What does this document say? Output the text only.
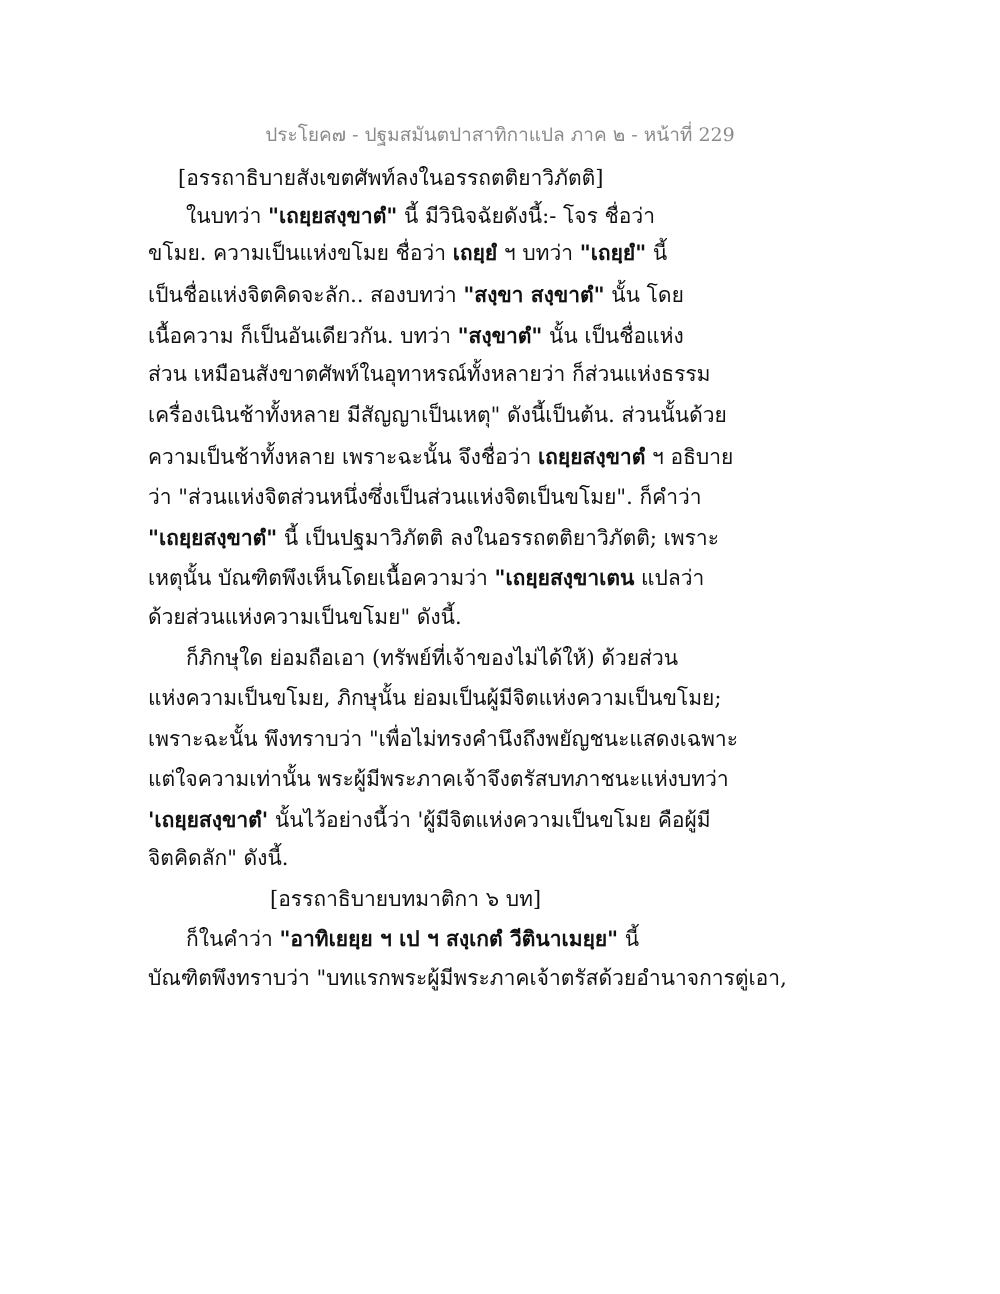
ประโยค๗ - ปฐมสมันตปาสาทิกาแปล ภาค ๒ - หน้าที่ 229
[อรรถาธิบายสังเขตศัพท์ลงในอรรถตติยาวิภัตติ]
ในบทว่า "เถยฺยสงฺขาตํ" นี้ มีวินิจฉัยดังนี้:- โจร ชื่อว่า
ขโมย. ความเป็นแห่งขโมย ชื่อว่า เถยฺยํ ฯ บทว่า "เถยฺยํ" นี้
เป็นชื่อแห่งจิตคิดจะลัก.. สองบทว่า "สงฺขา สงฺขาตํ" นั้น โดย
เนื้อความ ก็เป็นอันเดียวกัน. บทว่า "สงฺขาตํ" นั้น เป็นชื่อแห่ง
ส่วน เหมือนสังขาตศัพท์ในอุทาหรณ์ทั้งหลายว่า ก็ส่วนแห่งธรรม
เครื่องเนินช้าทั้งหลาย มีสัญญาเป็นเหตุ" ดังนี้เป็นต้น. ส่วนนั้นด้วย
ความเป็นช้าทั้งหลาย เพราะฉะนั้น จึงชื่อว่า เถยฺยสงฺขาตํ ฯ อธิบาย
ว่า "ส่วนแห่งจิตส่วนหนึ่งซึ่งเป็นส่วนแห่งจิตเป็นขโมย". ก็คำว่า
"เถยฺยสงฺขาตํ" นี้ เป็นปฐมาวิภัตติ ลงในอรรถตติยาวิภัตติ; เพราะ
เหตุนั้น บัณฑิตพึงเห็นโดยเนื้อความว่า "เถยฺยสงฺขาเตน แปลว่า
ด้วยส่วนแห่งความเป็นขโมย" ดังนี้.
ก็ภิกษุใด ย่อมถือเอา (ทรัพย์ที่เจ้าของไม่ได้ให้) ด้วยส่วน
แห่งความเป็นขโมย, ภิกษุนั้น ย่อมเป็นผู้มีจิตแห่งความเป็นขโมย;
เพราะฉะนั้น พึงทราบว่า "เพื่อไม่ทรงคำนึงถึงพยัญชนะแสดงเฉพาะ
แต่ใจความเท่านั้น พระผู้มีพระภาคเจ้าจึงตรัสบทภาชนะแห่งบทว่า
'เถยฺยสงฺขาตํ' นั้นไว้อย่างนี้ว่า 'ผู้มีจิตแห่งความเป็นขโมย คือผู้มี
จิตคิดลัก" ดังนี้.
[อรรถาธิบายบทมาติกา ๖ บท]
ก็ในคำว่า "อาทิเยยฺย ฯ เป ฯ สงฺเกตํ วีตินาเมยฺย" นี้
บัณฑิตพึงทราบว่า "บทแรกพระผู้มีพระภาคเจ้าตรัสด้วยอำนาจการตู่เอา,
